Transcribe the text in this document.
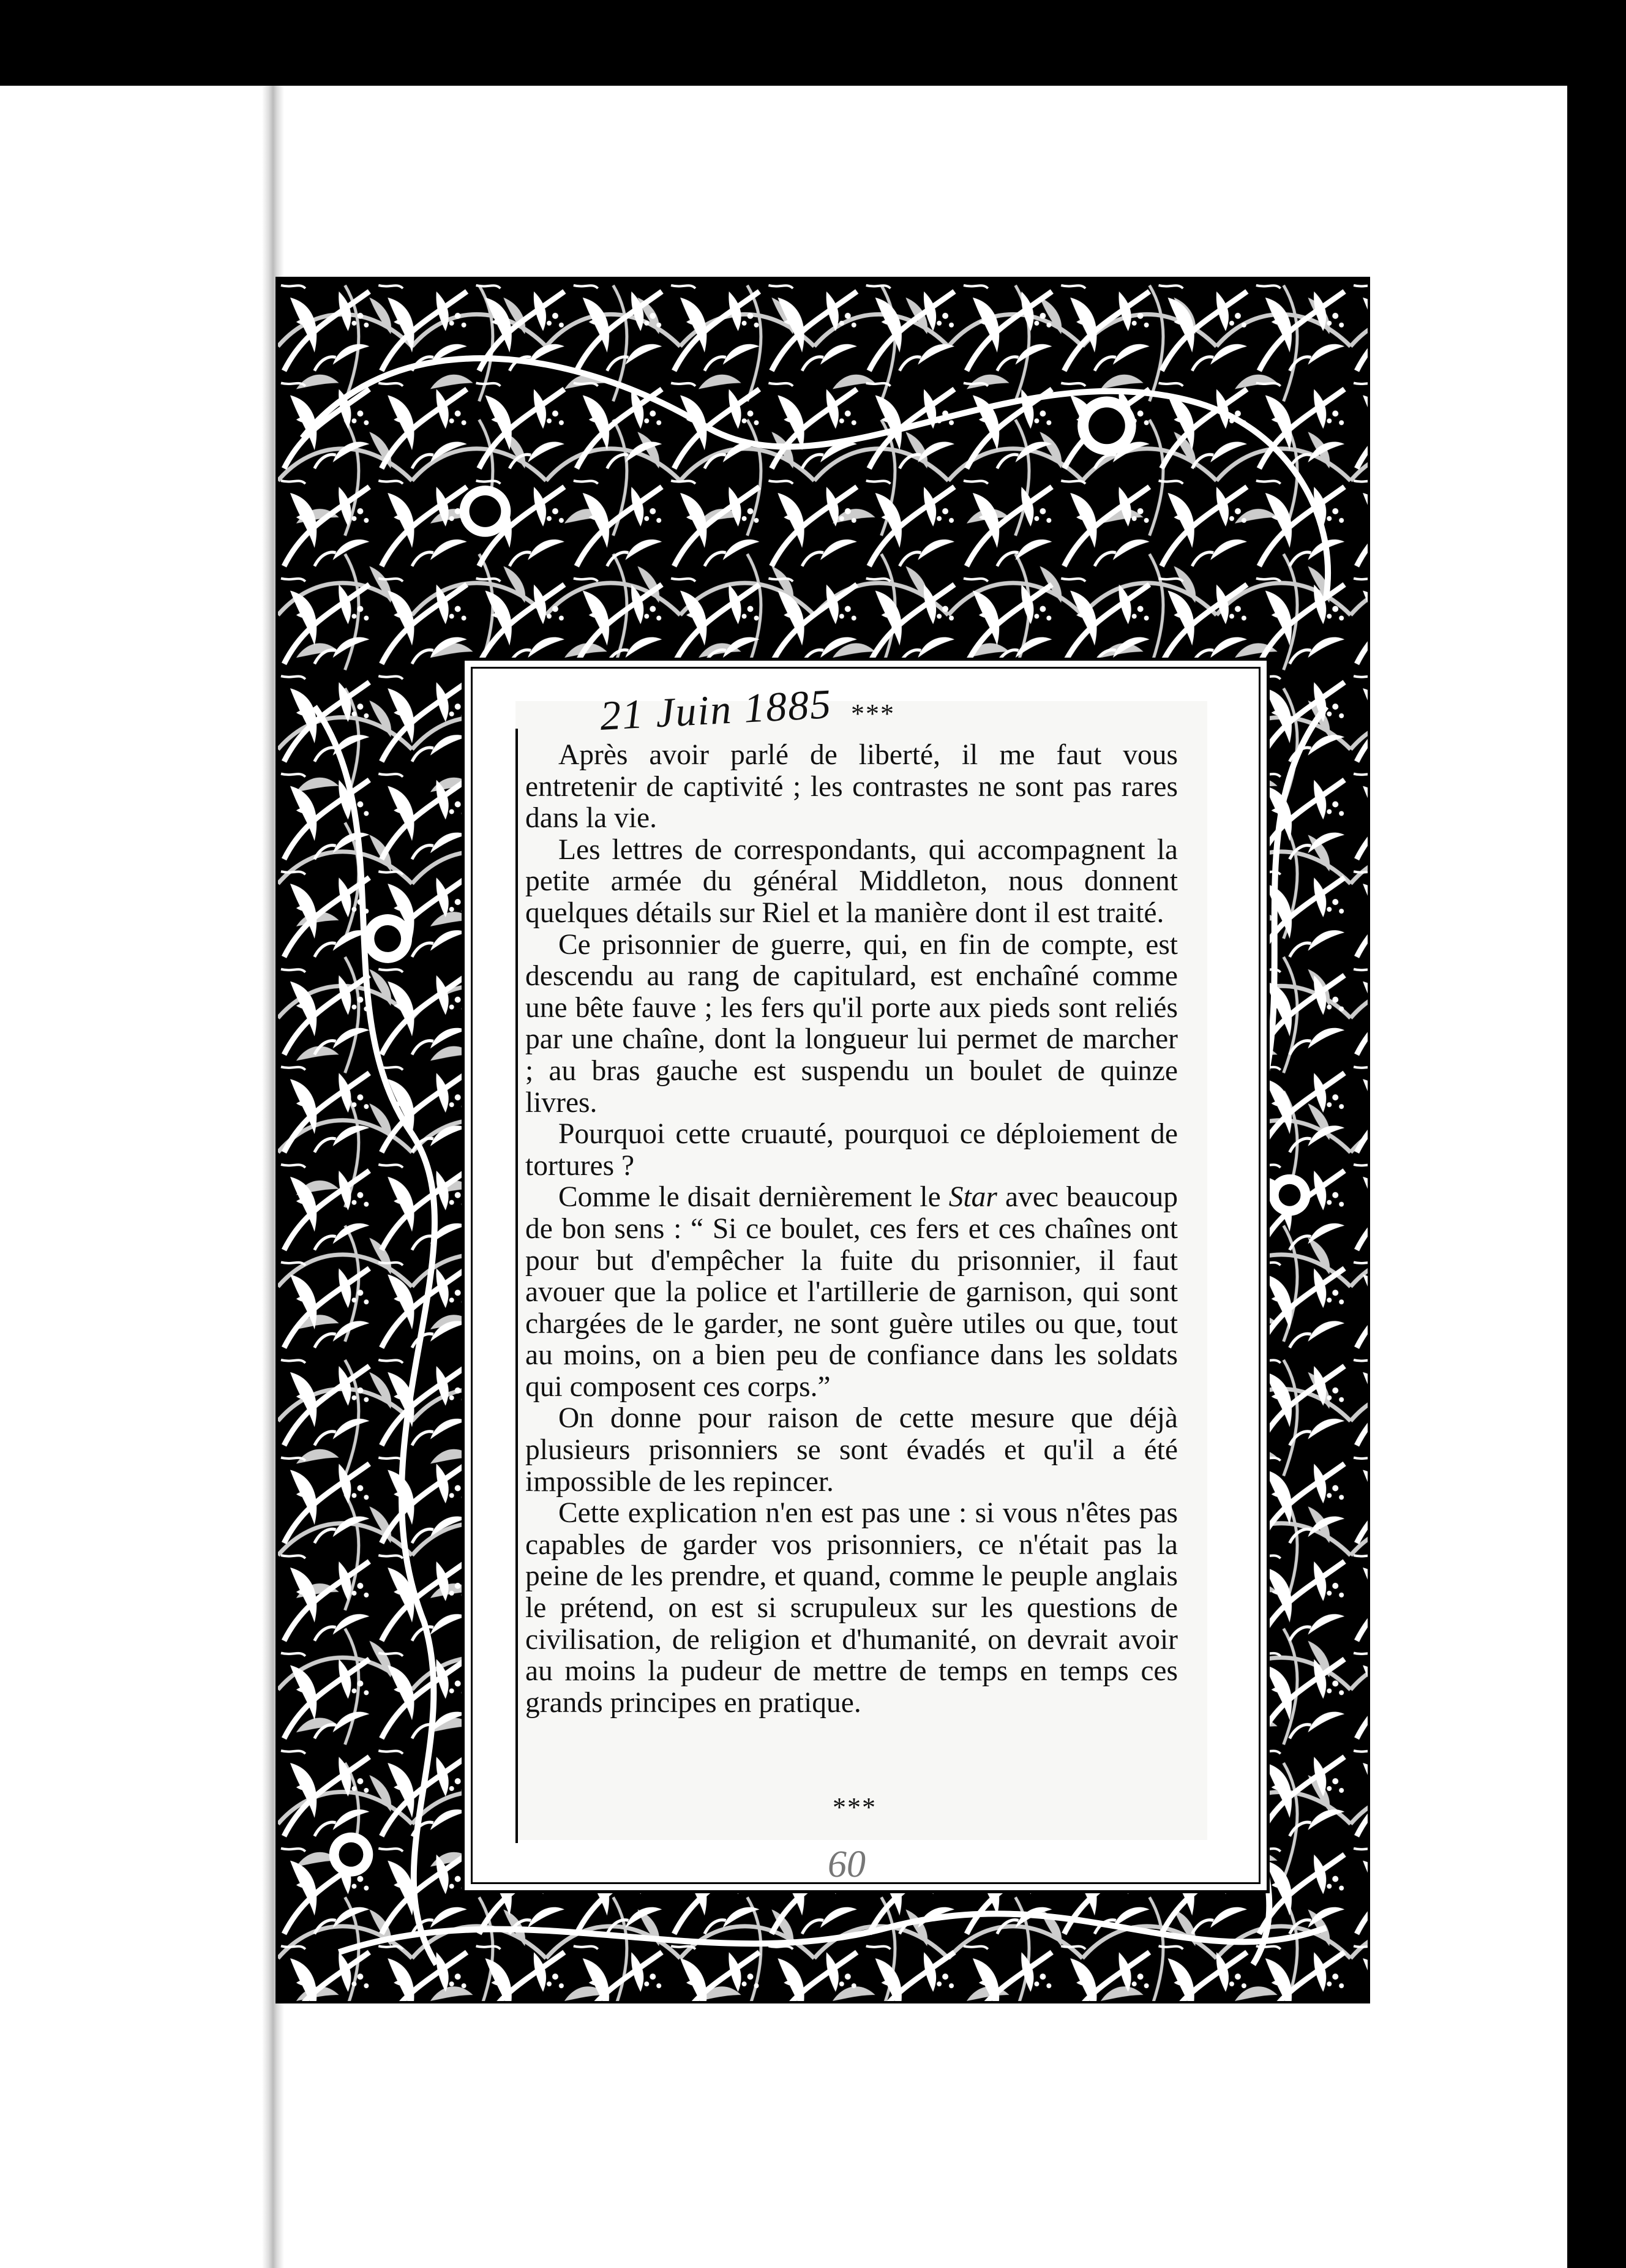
21 Juin 1885 ***

Après avoir parlé de liberté, il me faut vous entretenir de captivité ; les contrastes ne sont pas rares dans la vie.

Les lettres de correspondants, qui accompagnent la petite armée du général Middleton, nous donnent quelques détails sur Riel et la manière dont il est traité.

Ce prisonnier de guerre, qui, en fin de compte, est descendu au rang de capitulard, est enchaîné comme une bête fauve ; les fers qu'il porte aux pieds sont reliés par une chaîne, dont la longueur lui permet de marcher ; au bras gauche est suspendu un boulet de quinze livres.

Pourquoi cette cruauté, pourquoi ce déploiement de tortures ?

Comme le disait dernièrement le Star avec beaucoup de bon sens : “ Si ce boulet, ces fers et ces chaînes ont pour but d'empêcher la fuite du prisonnier, il faut avouer que la police et l'artillerie de garnison, qui sont chargées de le garder, ne sont guère utiles ou que, tout au moins, on a bien peu de confiance dans les soldats qui composent ces corps.”

On donne pour raison de cette mesure que déjà plusieurs prisonniers se sont évadés et qu'il a été impossible de les repincer.

Cette explication n'en est pas une : si vous n'êtes pas capables de garder vos prisonniers, ce n'était pas la peine de les prendre, et quand, comme le peuple anglais le prétend, on est si scrupuleux sur les questions de civilisation, de religion et d'humanité, on devrait avoir au moins la pudeur de mettre de temps en temps ces grands principes en pratique.

***
60
